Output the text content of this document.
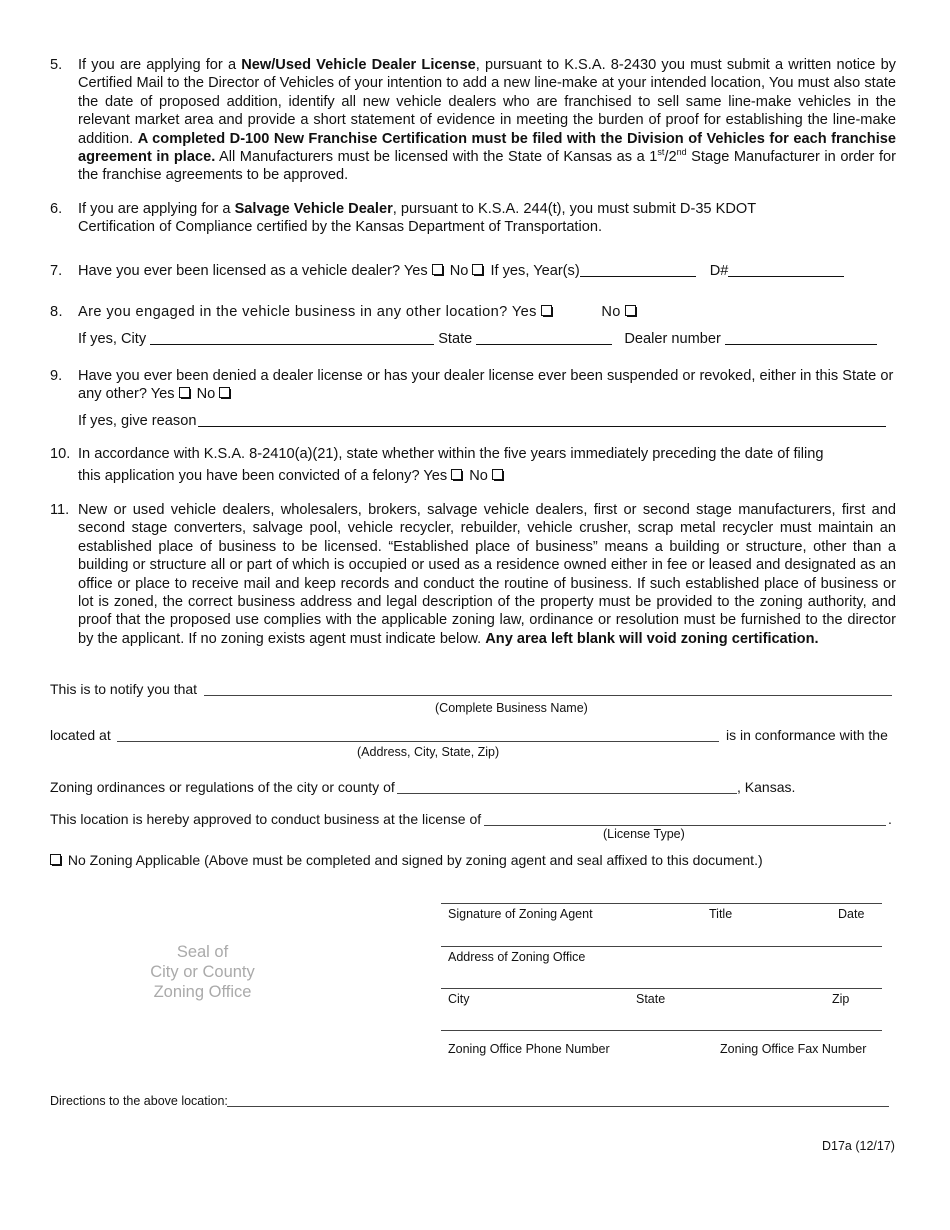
5. If you are applying for a New/Used Vehicle Dealer License, pursuant to K.S.A. 8-2430 you must submit a written notice by Certified Mail to the Director of Vehicles of your intention to add a new line-make at your intended location, You must also state the date of proposed addition, identify all new vehicle dealers who are franchised to sell same line-make vehicles in the relevant market area and provide a short statement of evidence in meeting the burden of proof for establishing the line-make addition. A completed D-100 New Franchise Certification must be filed with the Division of Vehicles for each franchise agreement in place. All Manufacturers must be licensed with the State of Kansas as a 1st/2nd Stage Manufacturer in order for the franchise agreements to be approved.
6. If you are applying for a Salvage Vehicle Dealer, pursuant to K.S.A. 244(t), you must submit D-35 KDOT
Certification of Compliance certified by the Kansas Department of Transportation.
7. Have you ever been licensed as a vehicle dealer? Yes No If yes, Year(s)	D#
8. Are you engaged in the vehicle business in any other location? Yes	No
If yes, City	State	Dealer number
9. Have you ever been denied a dealer license or has your dealer license ever been suspended or revoked, either in this State or any other? Yes No
If yes, give reason
10. In accordance with K.S.A. 8-2410(a)(21), state whether within the five years immediately preceding the date of filing
this application you have been convicted of a felony? Yes No
11. New or used vehicle dealers, wholesalers, brokers, salvage vehicle dealers, first or second stage manufacturers, first and second stage converters, salvage pool, vehicle recycler, rebuilder, vehicle crusher, scrap metal recycler must maintain an established place of business to be licensed. “Established place of business” means a building or structure, other than a building or structure all or part of which is occupied or used as a residence owned either in fee or leased and designated as an office or place to receive mail and keep records and conduct the routine of business. If such established place of business or lot is zoned, the correct business address and legal description of the property must be provided to the zoning authority, and proof that the proposed use complies with the applicable zoning law, ordinance or resolution must be furnished to the director by the applicant. If no zoning exists agent must indicate below. Any area left blank will void zoning certification.
This is to notify you that
(Complete Business Name)
located at	is in conformance with the
(Address, City, State, Zip)
Zoning ordinances or regulations of the city or county of	, Kansas.
This location is hereby approved to conduct business at the license of	.
(License Type)
No Zoning Applicable (Above must be completed and signed by zoning agent and seal affixed to this document.)
Seal of
City or County
Zoning Office
Signature of Zoning Agent	Title	Date
Address of Zoning Office
City	State	Zip
Zoning Office Phone Number	Zoning Office Fax Number
Directions to the above location:
D17a (12/17)
